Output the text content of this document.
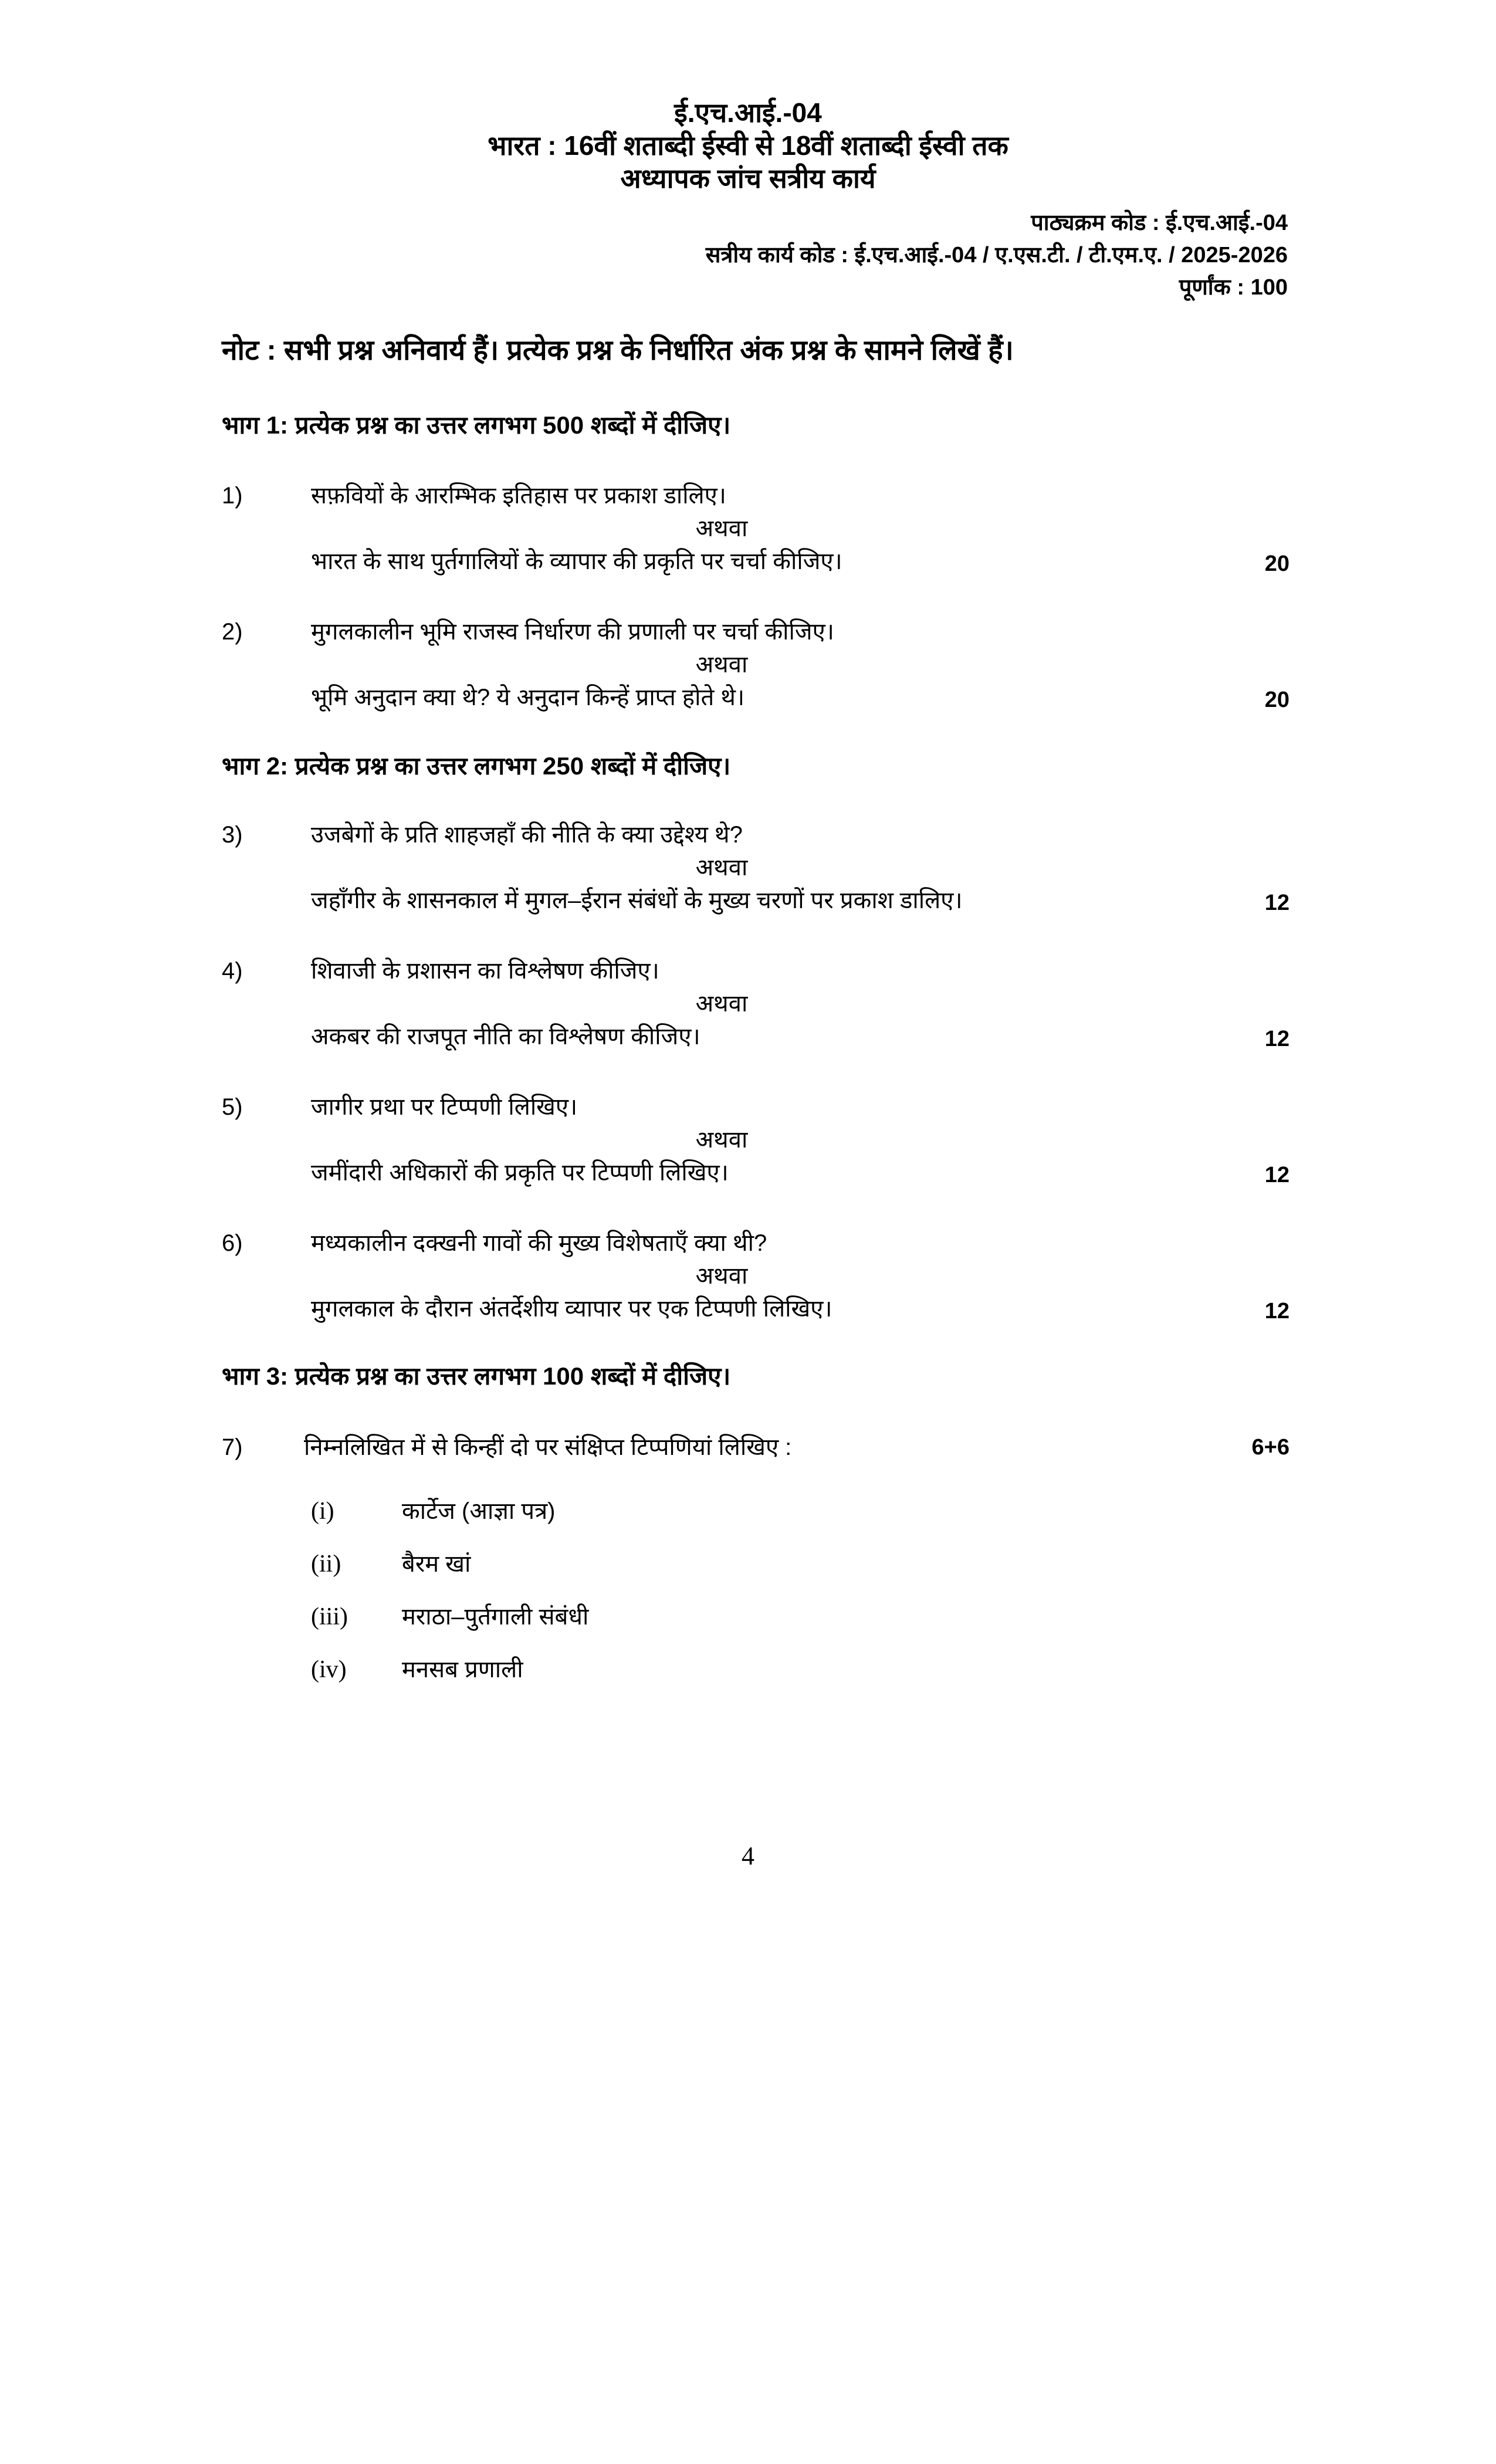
ई.एच.आई.-04
भारत : 16वीं शताब्दी ईस्वी से 18वीं शताब्दी ईस्वी तक
अध्यापक जांच सत्रीय कार्य
पाठ्यक्रम कोड : ई.एच.आई.-04
सत्रीय कार्य कोड : ई.एच.आई.-04 / ए.एस.टी. / टी.एम.ए. / 2025-2026
पूर्णांक : 100
नोट : सभी प्रश्न अनिवार्य हैं। प्रत्येक प्रश्न के निर्धारित अंक प्रश्न के सामने लिखें हैं।
भाग 1: प्रत्येक प्रश्न का उत्तर लगभग 500 शब्दों में दीजिए।
1)	सफ़वियों के आरम्भिक इतिहास पर प्रकाश डालिए।
अथवा
भारत के साथ पुर्तगालियों के व्यापार की प्रकृति पर चर्चा कीजिए।	20
2)	मुगलकालीन भूमि राजस्व निर्धारण की प्रणाली पर चर्चा कीजिए।
अथवा
भूमि अनुदान क्या थे? ये अनुदान किन्हें प्राप्त होते थे।	20
भाग 2: प्रत्येक प्रश्न का उत्तर लगभग 250 शब्दों में दीजिए।
3)	उजबेगों के प्रति शाहजहाँ की नीति के क्या उद्देश्य थे?
अथवा
जहाँगीर के शासनकाल में मुगल–ईरान संबंधों के मुख्य चरणों पर प्रकाश डालिए।	12
4)	शिवाजी के प्रशासन का विश्लेषण कीजिए।
अथवा
अकबर की राजपूत नीति का विश्लेषण कीजिए।	12
5)	जागीर प्रथा पर टिप्पणी लिखिए।
अथवा
जमींदारी अधिकारों की प्रकृति पर टिप्पणी लिखिए।	12
6)	मध्यकालीन दक्खनी गावों की मुख्य विशेषताएँ क्या थी?
अथवा
मुगलकाल के दौरान अंतर्देशीय व्यापार पर एक टिप्पणी लिखिए।	12
भाग 3: प्रत्येक प्रश्न का उत्तर लगभग 100 शब्दों में दीजिए।
7)	निम्नलिखित में से किन्हीं दो पर संक्षिप्त टिप्पणियां लिखिए :	6+6
(i)	कार्टेज (आज्ञा पत्र)
(ii)	बैरम खां
(iii) मराठा–पुर्तगाली संबंधी
(iv) मनसब प्रणाली
4
